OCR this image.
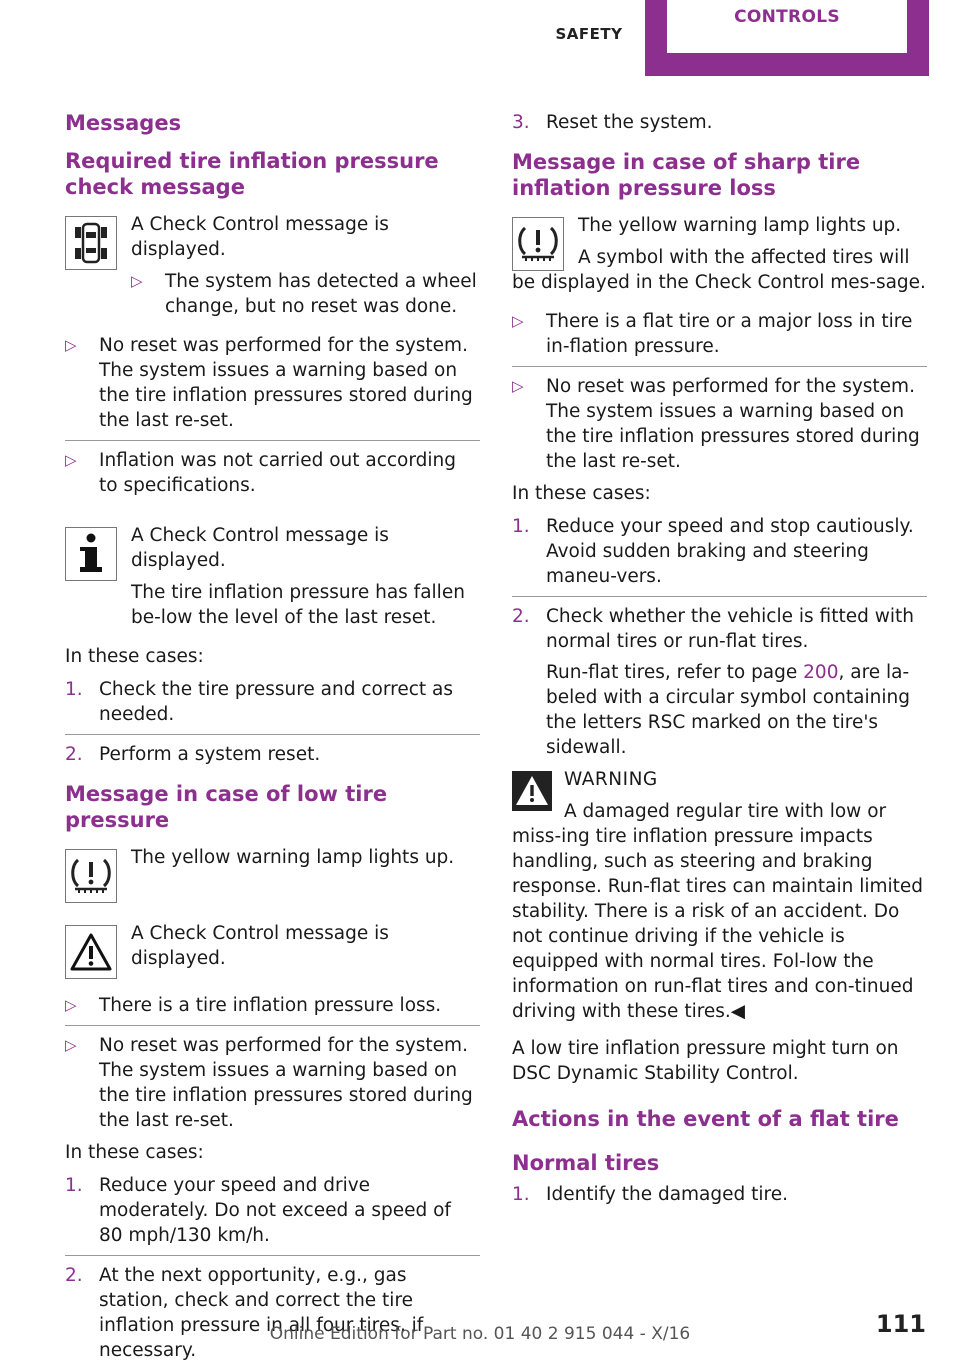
SAFETY
CONTROLS
Messages
Required tire inflation pressure check message
A Check Control message is displayed.
▷ The system has detected a wheel change, but no reset was done.
▷ No reset was performed for the system. The system issues a warning based on the tire inflation pressures stored during the last re-set.
▷ Inflation was not carried out according to specifications.
A Check Control message is displayed.
The tire inflation pressure has fallen be-low the level of the last reset.
In these cases:
1. Check the tire pressure and correct as needed.
2. Perform a system reset.
Message in case of low tire pressure
The yellow warning lamp lights up.
A Check Control message is displayed.
▷ There is a tire inflation pressure loss.
▷ No reset was performed for the system. The system issues a warning based on the tire inflation pressures stored during the last re-set.
In these cases:
1. Reduce your speed and drive moderately. Do not exceed a speed of 80 mph/130 km/h.
2. At the next opportunity, e.g., gas station, check and correct the tire inflation pressure in all four tires, if necessary.
3. Reset the system.
Message in case of sharp tire inflation pressure loss
The yellow warning lamp lights up.
A symbol with the affected tires will be displayed in the Check Control mes-sage.
▷ There is a flat tire or a major loss in tire in-flation pressure.
▷ No reset was performed for the system. The system issues a warning based on the tire inflation pressures stored during the last re-set.
In these cases:
1. Reduce your speed and stop cautiously. Avoid sudden braking and steering maneu-vers.
2. Check whether the vehicle is fitted with normal tires or run-flat tires.
Run-flat tires, refer to page 200, are la-beled with a circular symbol containing the letters RSC marked on the tire's sidewall.
WARNING
A damaged regular tire with low or miss-ing tire inflation pressure impacts handling, such as steering and braking response. Run-flat tires can maintain limited stability. There is a risk of an accident. Do not continue driving if the vehicle is equipped with normal tires. Fol-low the information on run-flat tires and con-tinued driving with these tires.◀
A low tire inflation pressure might turn on DSC Dynamic Stability Control.
Actions in the event of a flat tire
Normal tires
1. Identify the damaged tire.
111
Online Edition for Part no. 01 40 2 915 044 - X/16
